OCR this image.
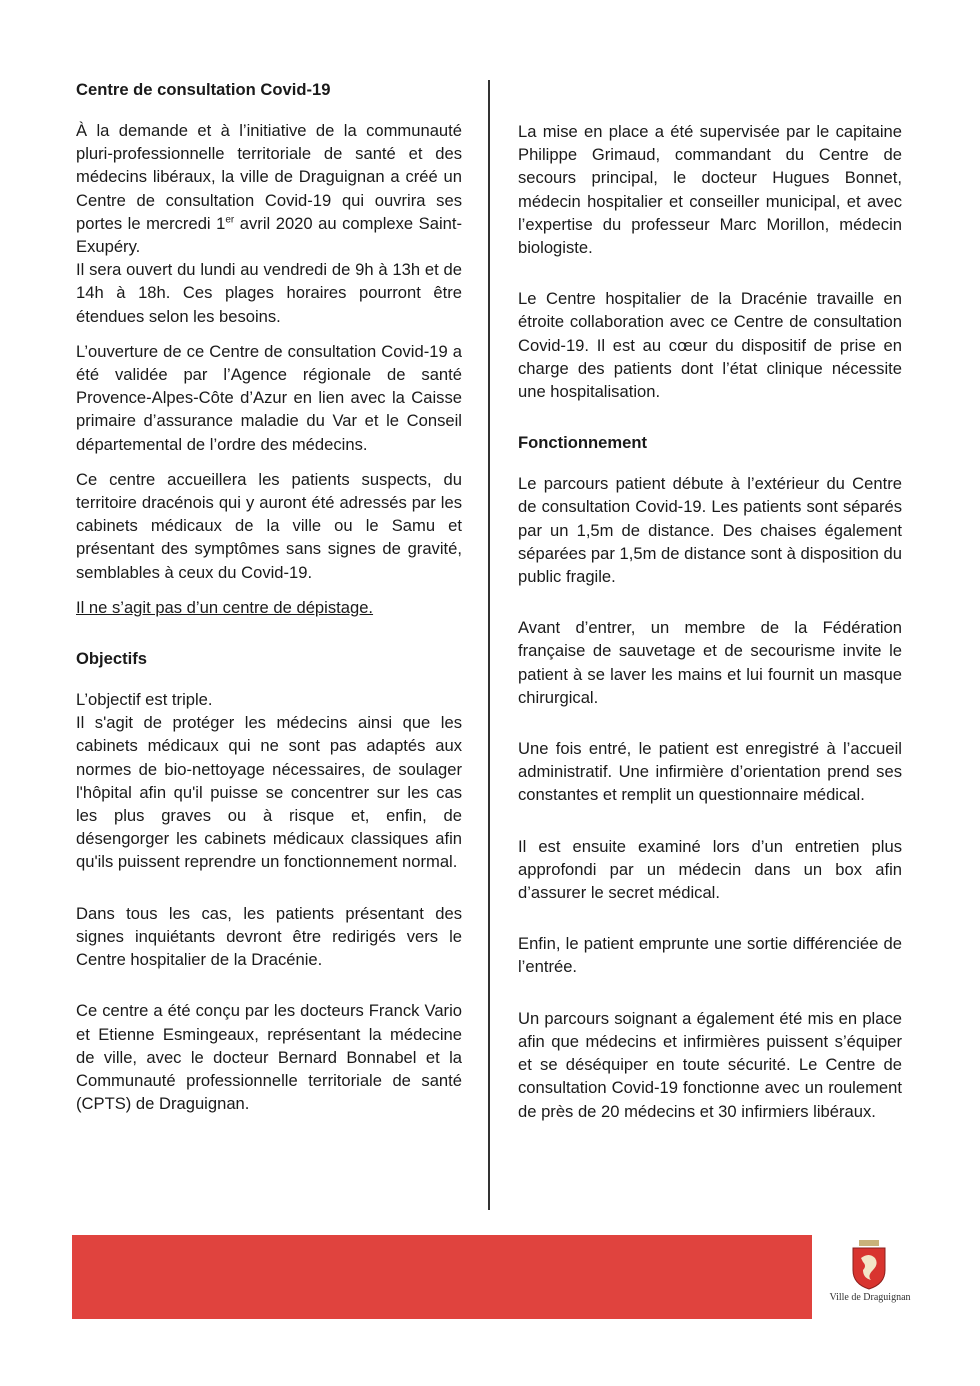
Centre de consultation Covid-19

À la demande et à l’initiative de la communauté pluri-professionnelle territoriale de santé et des médecins libéraux, la ville de Draguignan a créé un Centre de consultation Covid-19 qui ouvrira ses portes le mercredi 1er avril 2020 au complexe Saint-Exupéry.
Il sera ouvert du lundi au vendredi de 9h à 13h et de 14h à 18h. Ces plages horaires pourront être étendues selon les besoins.

L’ouverture de ce Centre de consultation Covid-19 a été validée par l’Agence régionale de santé Provence-Alpes-Côte d’Azur en lien avec la Caisse primaire d’assurance maladie du Var et le Conseil départemental de l’ordre des médecins.

Ce centre accueillera les patients suspects, du territoire dracénois qui y auront été adressés par les cabinets médicaux de la ville ou le Samu et présentant des symptômes sans signes de gravité, semblables à ceux du Covid-19.

Il ne s’agit pas d’un centre de dépistage.

Objectifs

L’objectif est triple.
Il s'agit de protéger les médecins ainsi que les cabinets médicaux qui ne sont pas adaptés aux normes de bio-nettoyage nécessaires, de soulager l'hôpital afin qu'il puisse se concentrer sur les cas les plus graves ou à risque et, enfin, de désengorger les cabinets médicaux classiques afin qu'ils puissent reprendre un fonctionnement normal.

Dans tous les cas, les patients présentant des signes inquiétants devront être redirigés vers le Centre hospitalier de la Dracénie.

Ce centre a été conçu par les docteurs Franck Vario et Etienne Esmingeaux, représentant la médecine de ville, avec le docteur Bernard Bonnabel et la Communauté professionnelle territoriale de santé (CPTS) de Draguignan.

La mise en place a été supervisée par le capitaine Philippe Grimaud, commandant du Centre de secours principal, le docteur Hugues Bonnet, médecin hospitalier et conseiller municipal, et avec l’expertise du professeur Marc Morillon, médecin biologiste.

Le Centre hospitalier de la Dracénie travaille en étroite collaboration avec ce Centre de consultation Covid-19. Il est au cœur du dispositif de prise en charge des patients dont l’état clinique nécessite une hospitalisation.

Fonctionnement

Le parcours patient débute à l’extérieur du Centre de consultation Covid-19. Les patients sont séparés par un 1,5m de distance. Des chaises également séparées par 1,5m de distance sont à disposition du public fragile.

Avant d’entrer, un membre de la Fédération française de sauvetage et de secourisme invite le patient à se laver les mains et lui fournit un masque chirurgical.

Une fois entré, le patient est enregistré à l’accueil administratif. Une infirmière d’orientation prend ses constantes et remplit un questionnaire médical.

Il est ensuite examiné lors d’un entretien plus approfondi par un médecin dans un box afin d’assurer le secret médical.

Enfin, le patient emprunte une sortie différenciée de l’entrée.

Un parcours soignant a également été mis en place afin que médecins et infirmières puissent s’équiper et se déséquiper en toute sécurité. Le Centre de consultation Covid-19 fonctionne avec un roulement de près de 20 médecins et 30 infirmiers libéraux.

Ville de Draguignan
